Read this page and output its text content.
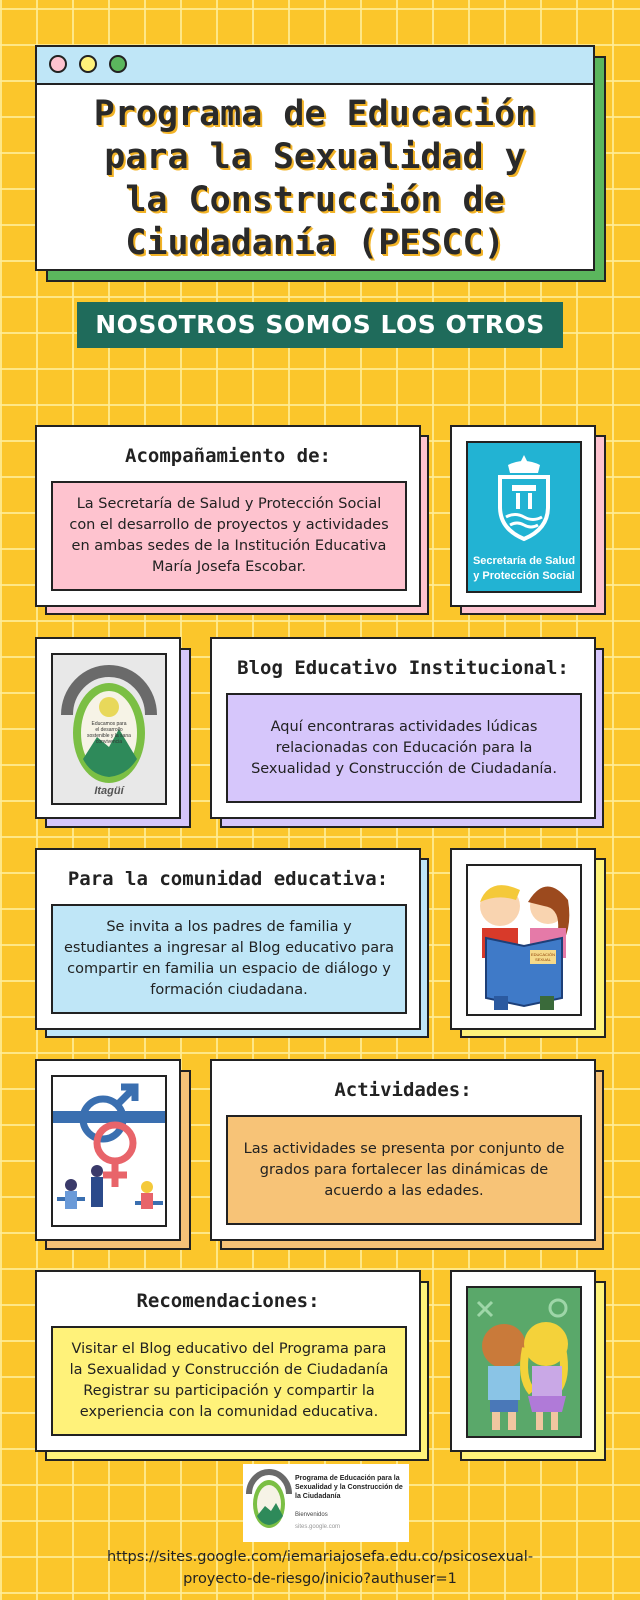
Programa de Educación
para la Sexualidad y
la Construcción de
Ciudadanía (PESCC)
NOSOTROS SOMOS LOS OTROS
Acompañamiento de:
La Secretaría de Salud y Protección Social con el desarrollo de proyectos y actividades en ambas sedes de la Institución Educativa María Josefa Escobar.	Secretaría de Salud
y Protección Social
Educamos para
el desarrollo
sostenible y la sana
convivencia
Itagüí
Blog Educativo Institucional:
Aquí encontraras actividades lúdicas relacionadas con Educación para la Sexualidad y Construcción de Ciudadanía.
Para la comunidad educativa:
Se invita a los padres de familia y estudiantes a ingresar al Blog educativo para compartir en familia un espacio de diálogo y formación ciudadana.
EDUCACIÓN SEXUAL
Actividades:
Las actividades se presenta por conjunto de grados para fortalecer las dinámicas de acuerdo a las edades.
Recomendaciones:
Visitar el Blog educativo del Programa para la Sexualidad y Construcción de Ciudadanía Registrar su participación y compartir la experiencia con la comunidad educativa.
Programa de Educación para la Sexualidad y la Construcción de la Ciudadanía
Bienvenidos
sites.google.com
https://sites.google.com/iemariajosefa.edu.co/psicosexual-
proyecto-de-riesgo/inicio?authuser=1
